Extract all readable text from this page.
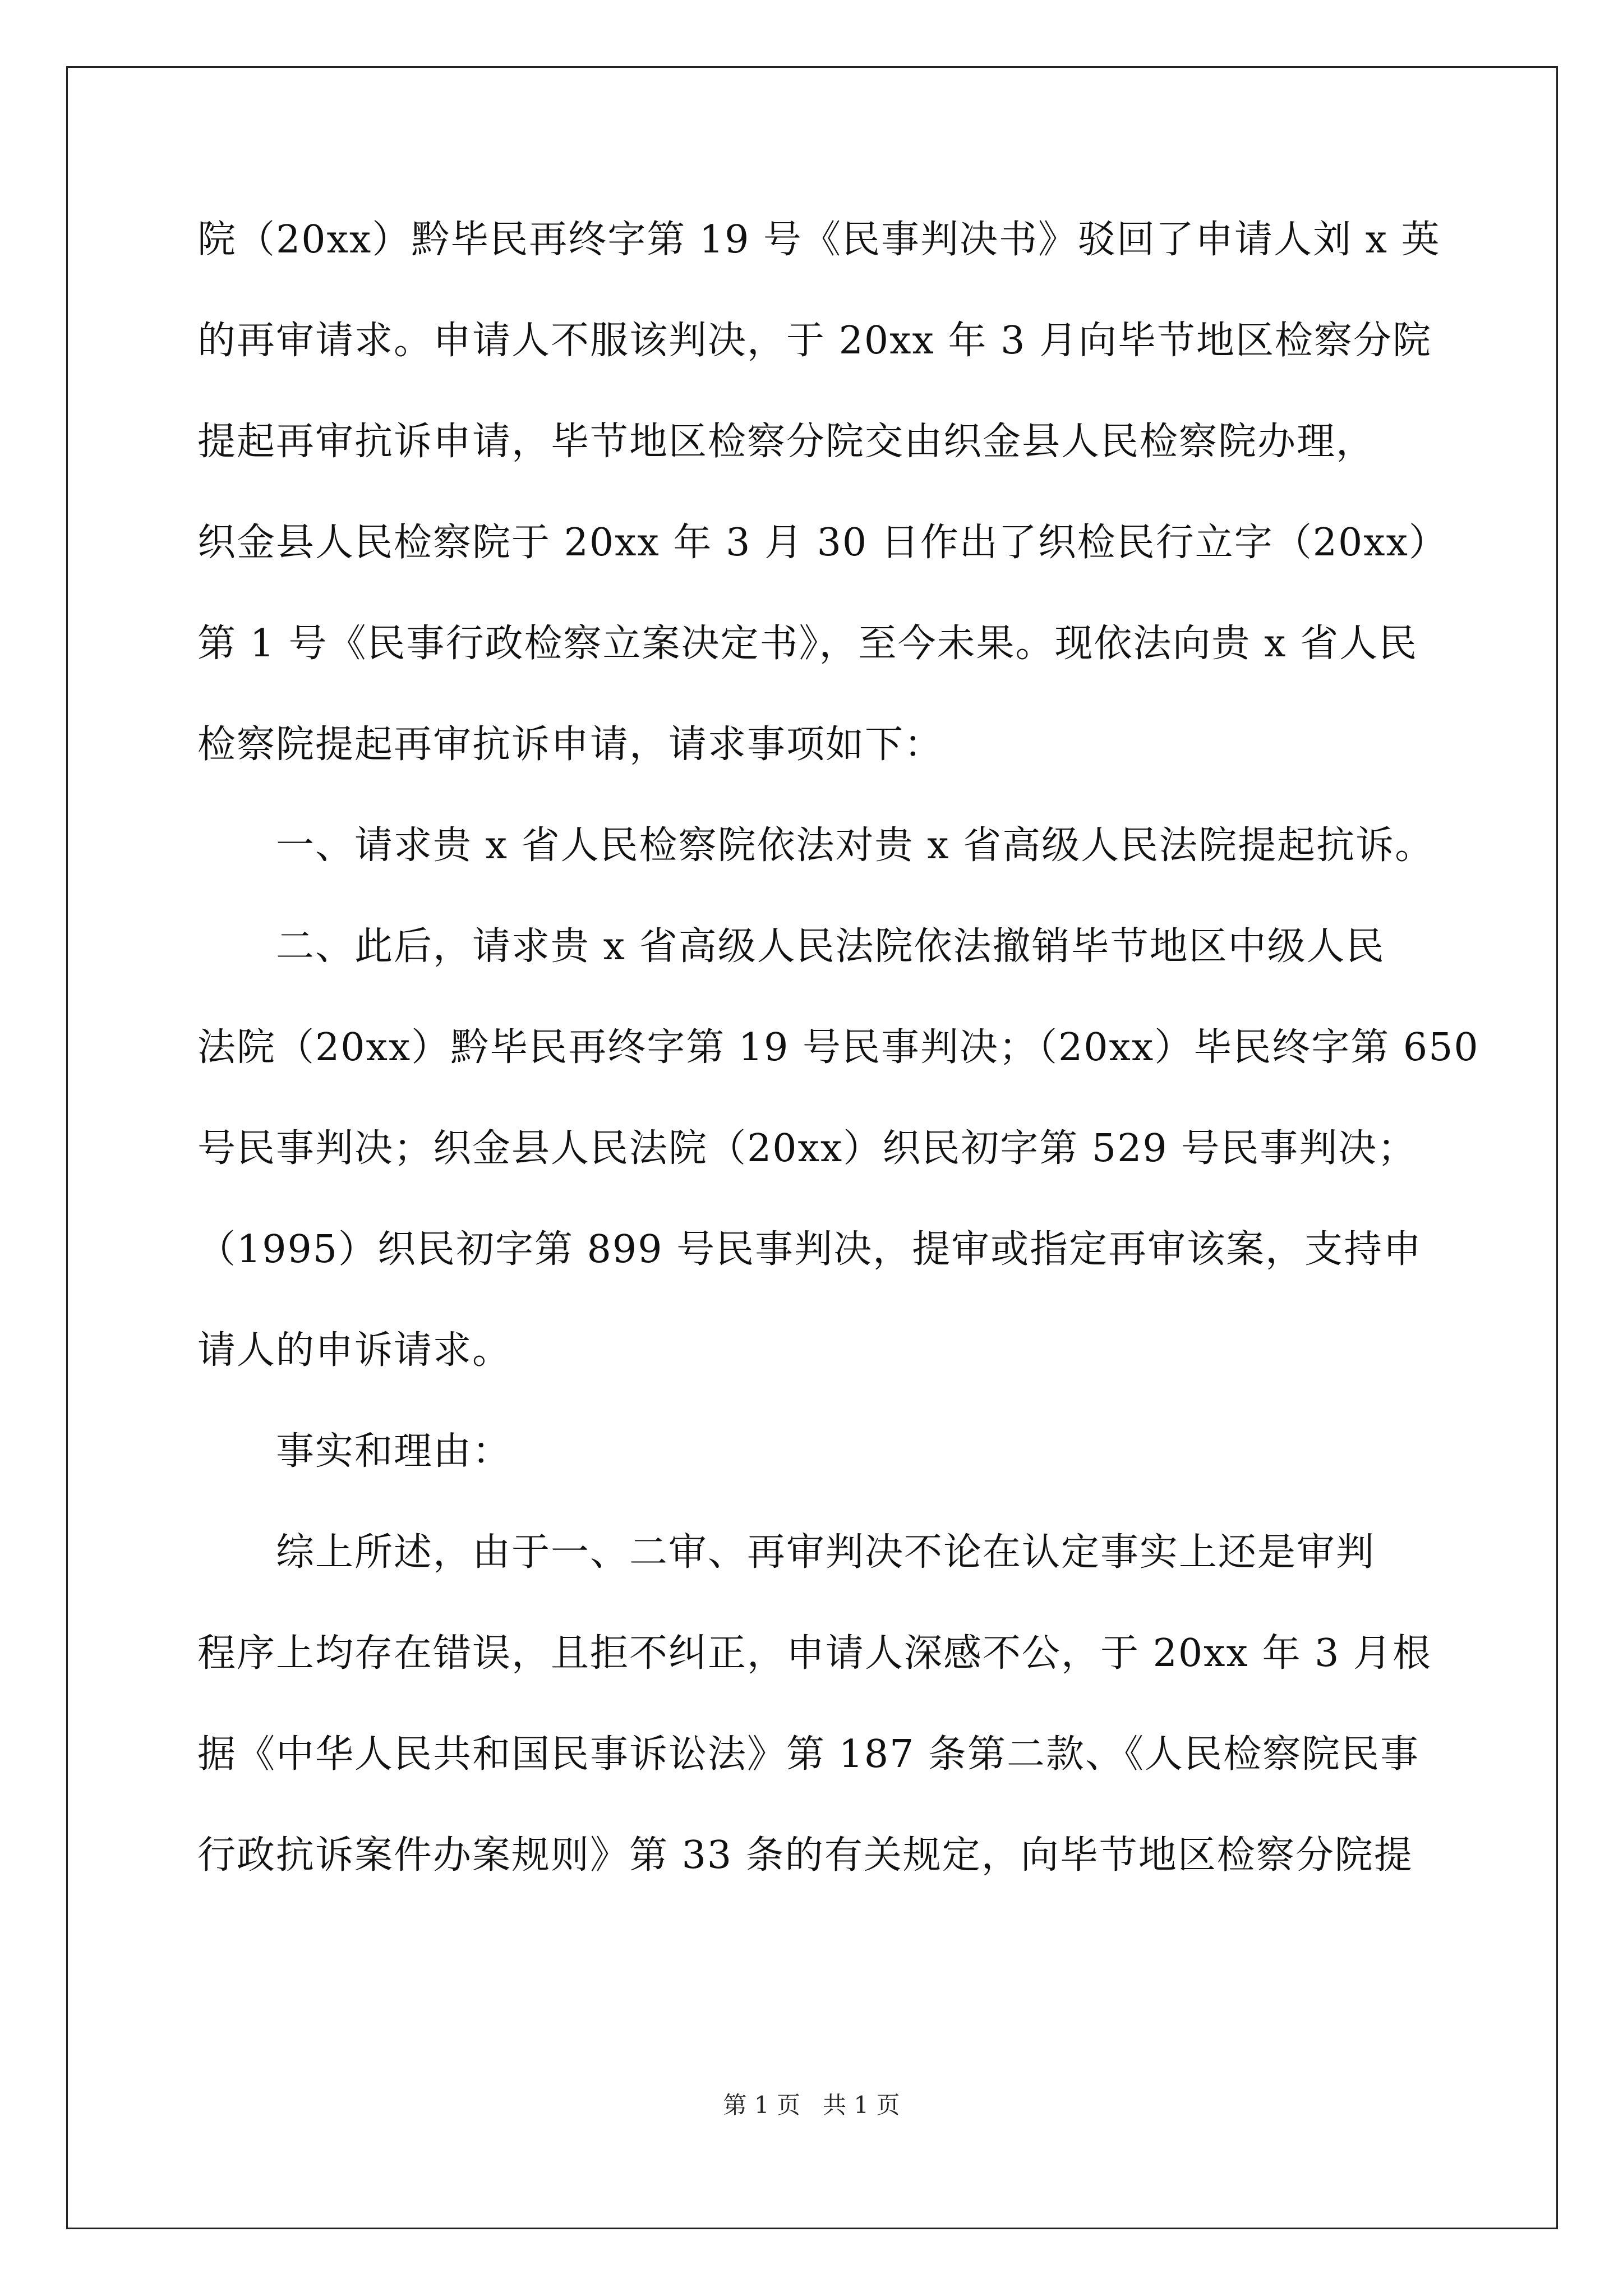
院（20xx）黔毕民再终字第 19 号《民事判决书》驳回了申请人刘 x 英
的再审请求。申请人不服该判决，于 20xx 年 3 月向毕节地区检察分院
提起再审抗诉申请，毕节地区检察分院交由织金县人民检察院办理，
织金县人民检察院于 20xx 年 3 月 30 日作出了织检民行立字（20xx）
第 1 号《民事行政检察立案决定书》，至今未果。现依法向贵 x 省人民
检察院提起再审抗诉申请，请求事项如下：
一、请求贵 x 省人民检察院依法对贵 x 省高级人民法院提起抗诉。
二、此后，请求贵 x 省高级人民法院依法撤销毕节地区中级人民
法院（20xx）黔毕民再终字第 19 号民事判决；（20xx）毕民终字第 650
号民事判决；织金县人民法院（20xx）织民初字第 529 号民事判决；
（1995）织民初字第 899 号民事判决，提审或指定再审该案，支持申
请人的申诉请求。
事实和理由：
综上所述，由于一、二审、再审判决不论在认定事实上还是审判
程序上均存在错误，且拒不纠正，申请人深感不公，于 20xx 年 3 月根
据《中华人民共和国民事诉讼法》第 187 条第二款、《人民检察院民事
行政抗诉案件办案规则》第 33 条的有关规定，向毕节地区检察分院提
第 1 页   共 1 页
